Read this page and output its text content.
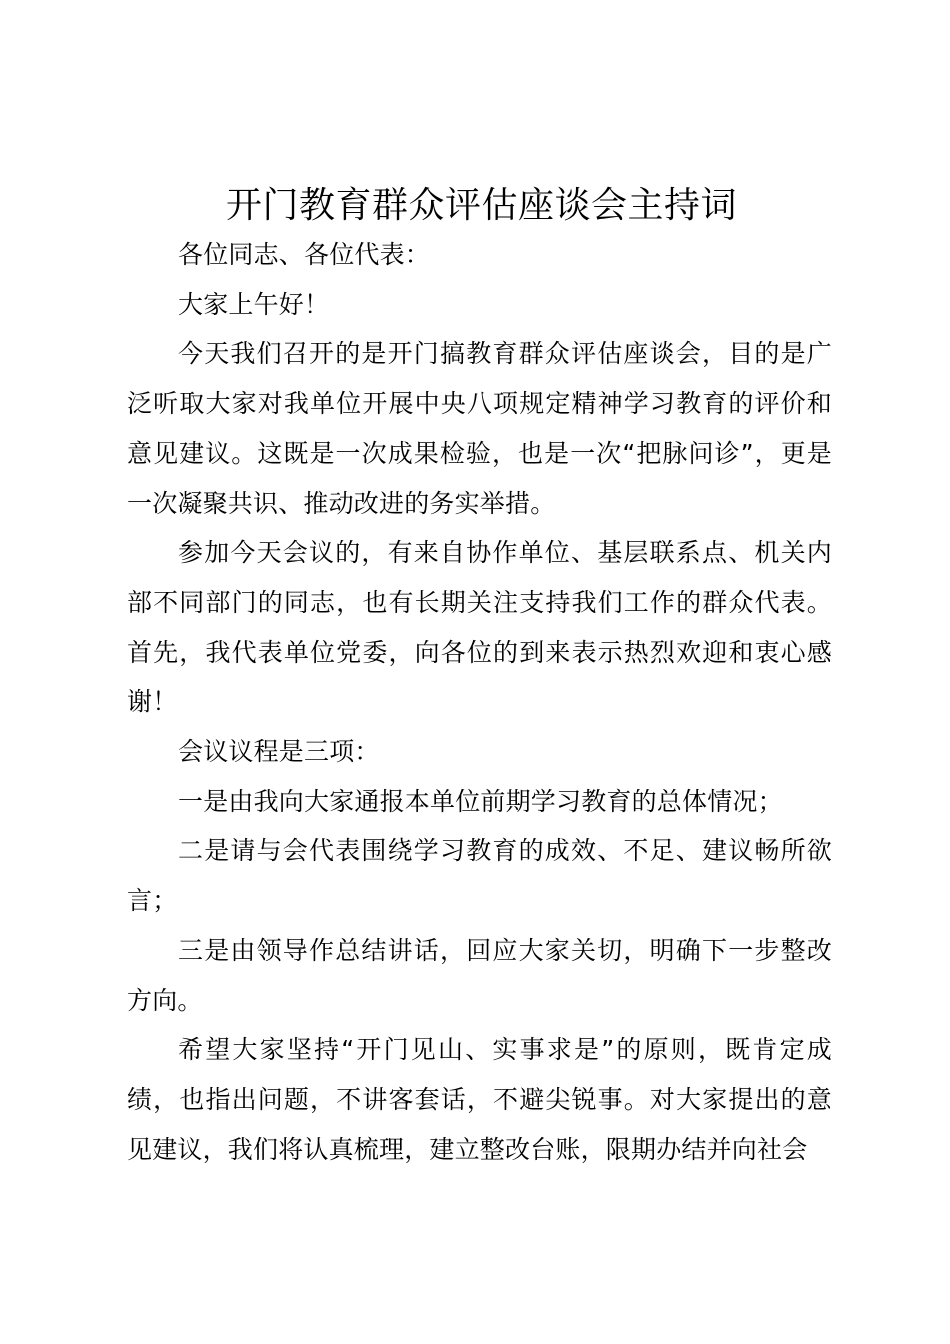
开门教育群众评估座谈会主持词

各位同志、各位代表：

大家上午好！

今天我们召开的是开门搞教育群众评估座谈会，目的是广泛听取大家对我单位开展中央八项规定精神学习教育的评价和意见建议。这既是一次成果检验，也是一次“把脉问诊”，更是一次凝聚共识、推动改进的务实举措。

参加今天会议的，有来自协作单位、基层联系点、机关内部不同部门的同志，也有长期关注支持我们工作的群众代表。首先，我代表单位党委，向各位的到来表示热烈欢迎和衷心感谢！

会议议程是三项：

一是由我向大家通报本单位前期学习教育的总体情况；

二是请与会代表围绕学习教育的成效、不足、建议畅所欲言；

三是由领导作总结讲话，回应大家关切，明确下一步整改方向。

希望大家坚持“开门见山、实事求是”的原则，既肯定成绩，也指出问题，不讲客套话，不避尖锐事。对大家提出的意见建议，我们将认真梳理，建立整改台账，限期办结并向社会
